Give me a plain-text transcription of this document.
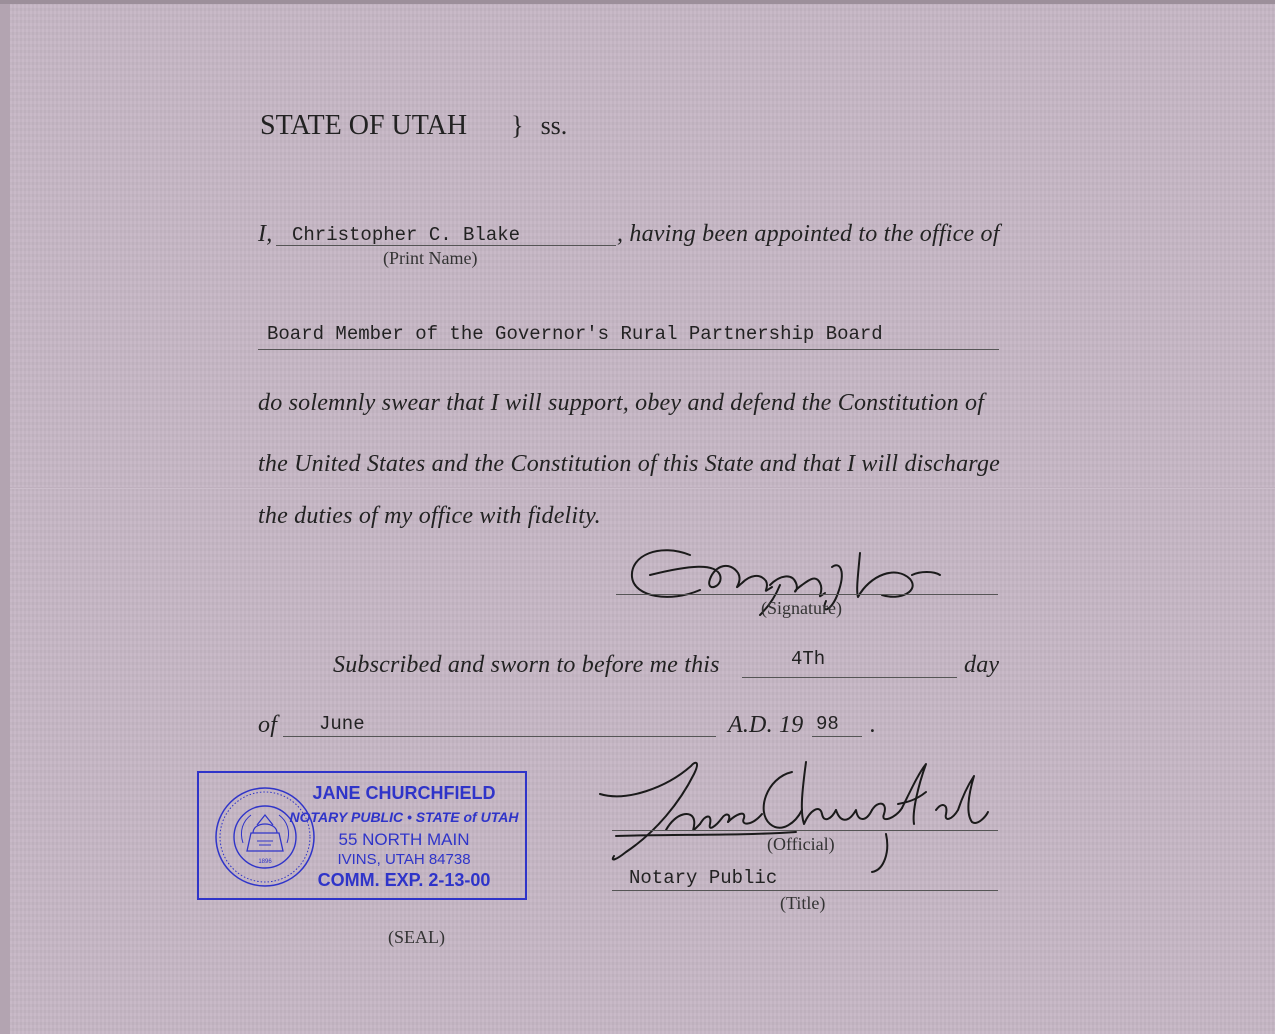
STATE OF UTAH } ss.
I, Christopher C. Blake	, having been appointed to the office of
(Print Name)
Board Member of the Governor's Rural Partnership Board
do solemnly swear that I will support, obey and defend the Constitution of
the United States and the Constitution of this State and that I will discharge
the duties of my office with fidelity.
(Signature)
Subscribed and sworn to before me this	4Th	day
of June	A.D. 19 98 .
1896
JANE CHURCHFIELD
NOTARY PUBLIC • STATE of UTAH
55 NORTH MAIN
IVINS, UTAH 84738
COMM. EXP. 2-13-00
(SEAL)
(Official)
Notary Public
(Title)
